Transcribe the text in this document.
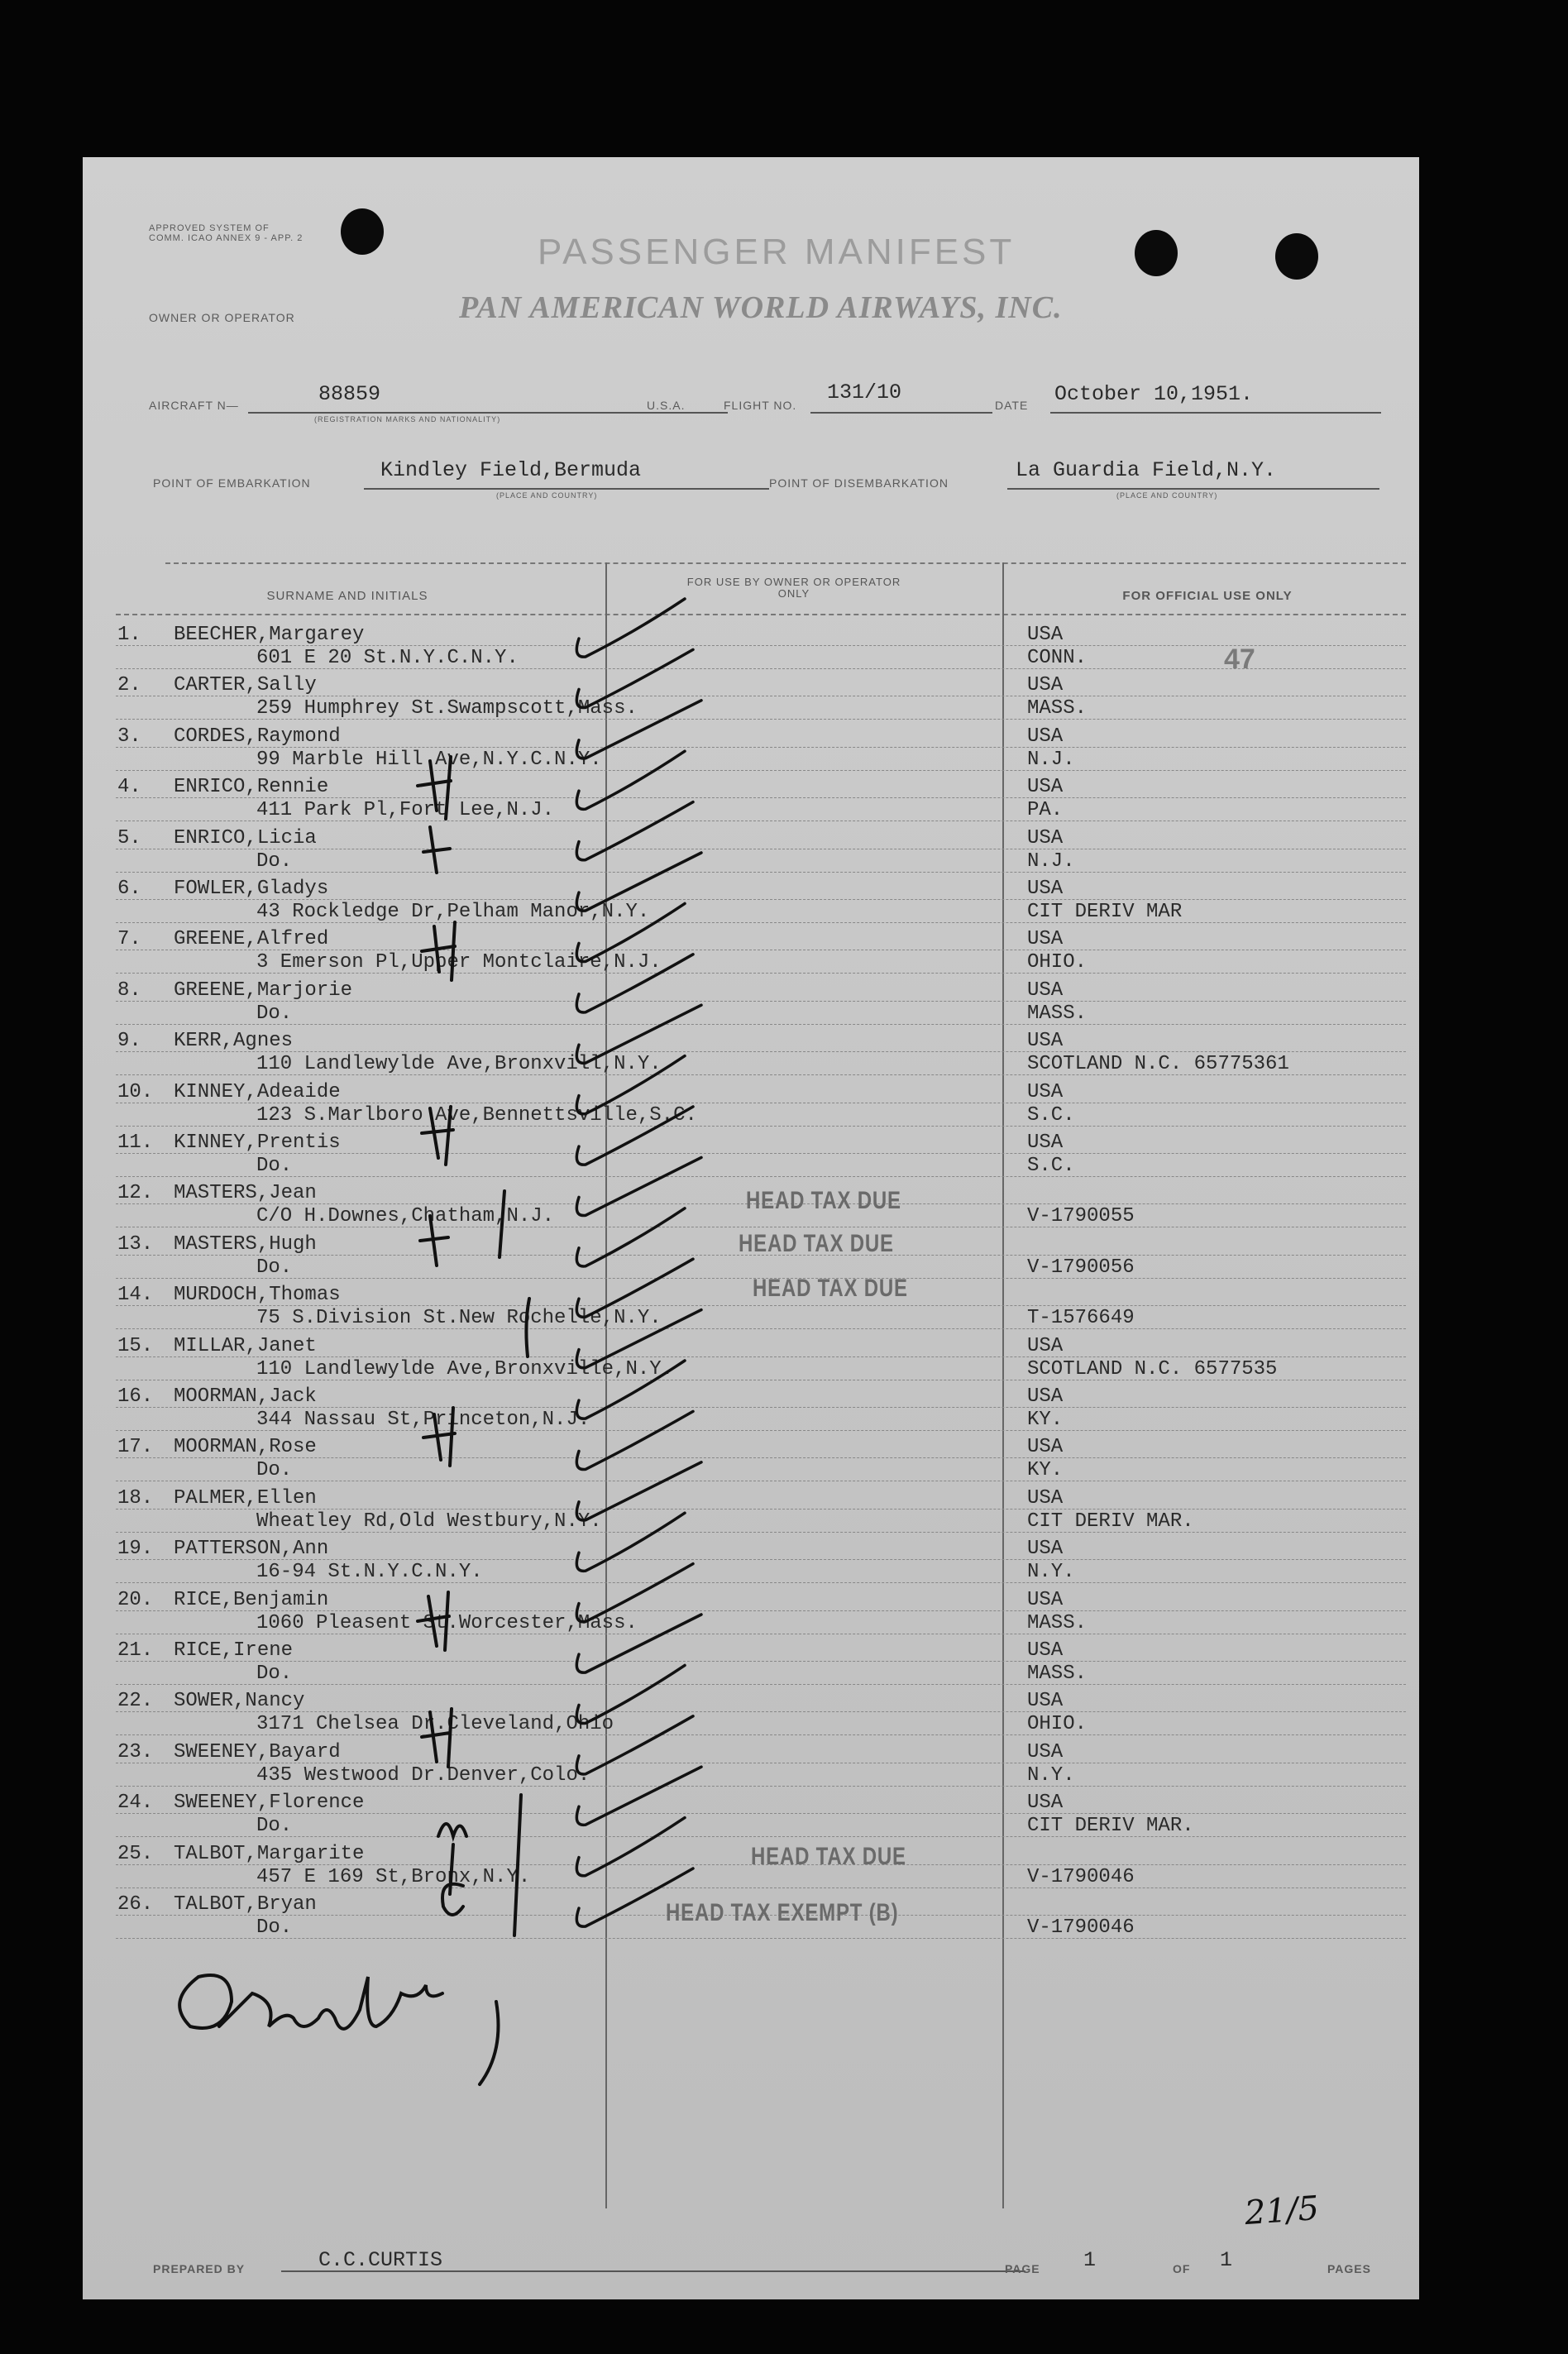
APPROVED SYSTEM OF COMM. ICAO ANNEX 9 - APP. 2	PASSENGER MANIFEST
OWNER OR OPERATOR	PAN AMERICAN WORLD AIRWAYS, INC.
AIRCRAFT N—	88859
(REGISTRATION MARKS AND NATIONALITY)
U.S.A.	FLIGHT NO.
131/10
DATE October 10,1951.
POINT OF EMBARKATION
Kindley Field,Bermuda
(PLACE AND COUNTRY)
POINT OF DISEMBARKATION
La Guardia Field,N.Y.
(PLACE AND COUNTRY)
SURNAME AND INITIALS
FOR USE BY OWNER OR OPERATOR ONLY	FOR OFFICIAL USE ONLY
1. BEECHER,Margarey
601 E 20 St.N.Y.C.N.Y.
USA
CONN.
2. CARTER,Sally
259 Humphrey St.Swampscott,Mass.
USA
MASS.
3. CORDES,Raymond
99 Marble Hill Ave,N.Y.C.N.Y.
USA
N.J.
4. ENRICO,Rennie
411 Park Pl,Fort Lee,N.J.
USA
PA.
5. ENRICO,Licia
Do.
USA
N.J.
6. FOWLER,Gladys
43 Rockledge Dr,Pelham Manor,N.Y.
USA
CIT DERIV MAR
7. GREENE,Alfred
3 Emerson Pl,Upper Montclaire,N.J.
USA
OHIO.
8. GREENE,Marjorie
Do.
USA
MASS.
9. KERR,Agnes
110 Landlewylde Ave,Bronxvill,N.Y.
USA
SCOTLAND N.C. 65775361
10. KINNEY,Adeaide
123 S.Marlboro Ave,Bennettsville,S.C.
USA
S.C.
11. KINNEY,Prentis
Do.
USA
S.C.
12. MASTERS,Jean
C/O H.Downes,Chatham,N.J.	V-1790055
13. MASTERS,Hugh
Do.	V-1790056
14. MURDOCH,Thomas
75 S.Division St.New Rochelle,N.Y.	T-1576649
15. MILLAR,Janet
110 Landlewylde Ave,Bronxville,N.Y.
USA
SCOTLAND N.C. 6577535
16. MOORMAN,Jack
344 Nassau St,Princeton,N.J.
USA
KY.
17. MOORMAN,Rose
Do.
USA
KY.
18. PALMER,Ellen
Wheatley Rd,Old Westbury,N.Y.
USA
CIT DERIV MAR.
19. PATTERSON,Ann
16-94 St.N.Y.C.N.Y.
USA
N.Y.
20. RICE,Benjamin
1060 Pleasent St.Worcester,Mass.
USA
MASS.
21. RICE,Irene
Do.
USA
MASS.
22. SOWER,Nancy
3171 Chelsea Dr.Cleveland,Ohio
USA
OHIO.
23. SWEENEY,Bayard
435 Westwood Dr.Denver,Colo.
USA
N.Y.
24. SWEENEY,Florence
Do.
USA
CIT DERIV MAR.
25. TALBOT,Margarite
457 E 169 St,Bronx,N.Y.	V-1790046
26. TALBOT,Bryan
Do.	V-1790046
47
HEAD TAX DUE
HEAD TAX DUE
HEAD TAX DUE
HEAD TAX DUE
HEAD TAX EXEMPT (B)
21/5
PREPARED BY	C.C.CURTIS	PAGE 1	OF 1	PAGES
